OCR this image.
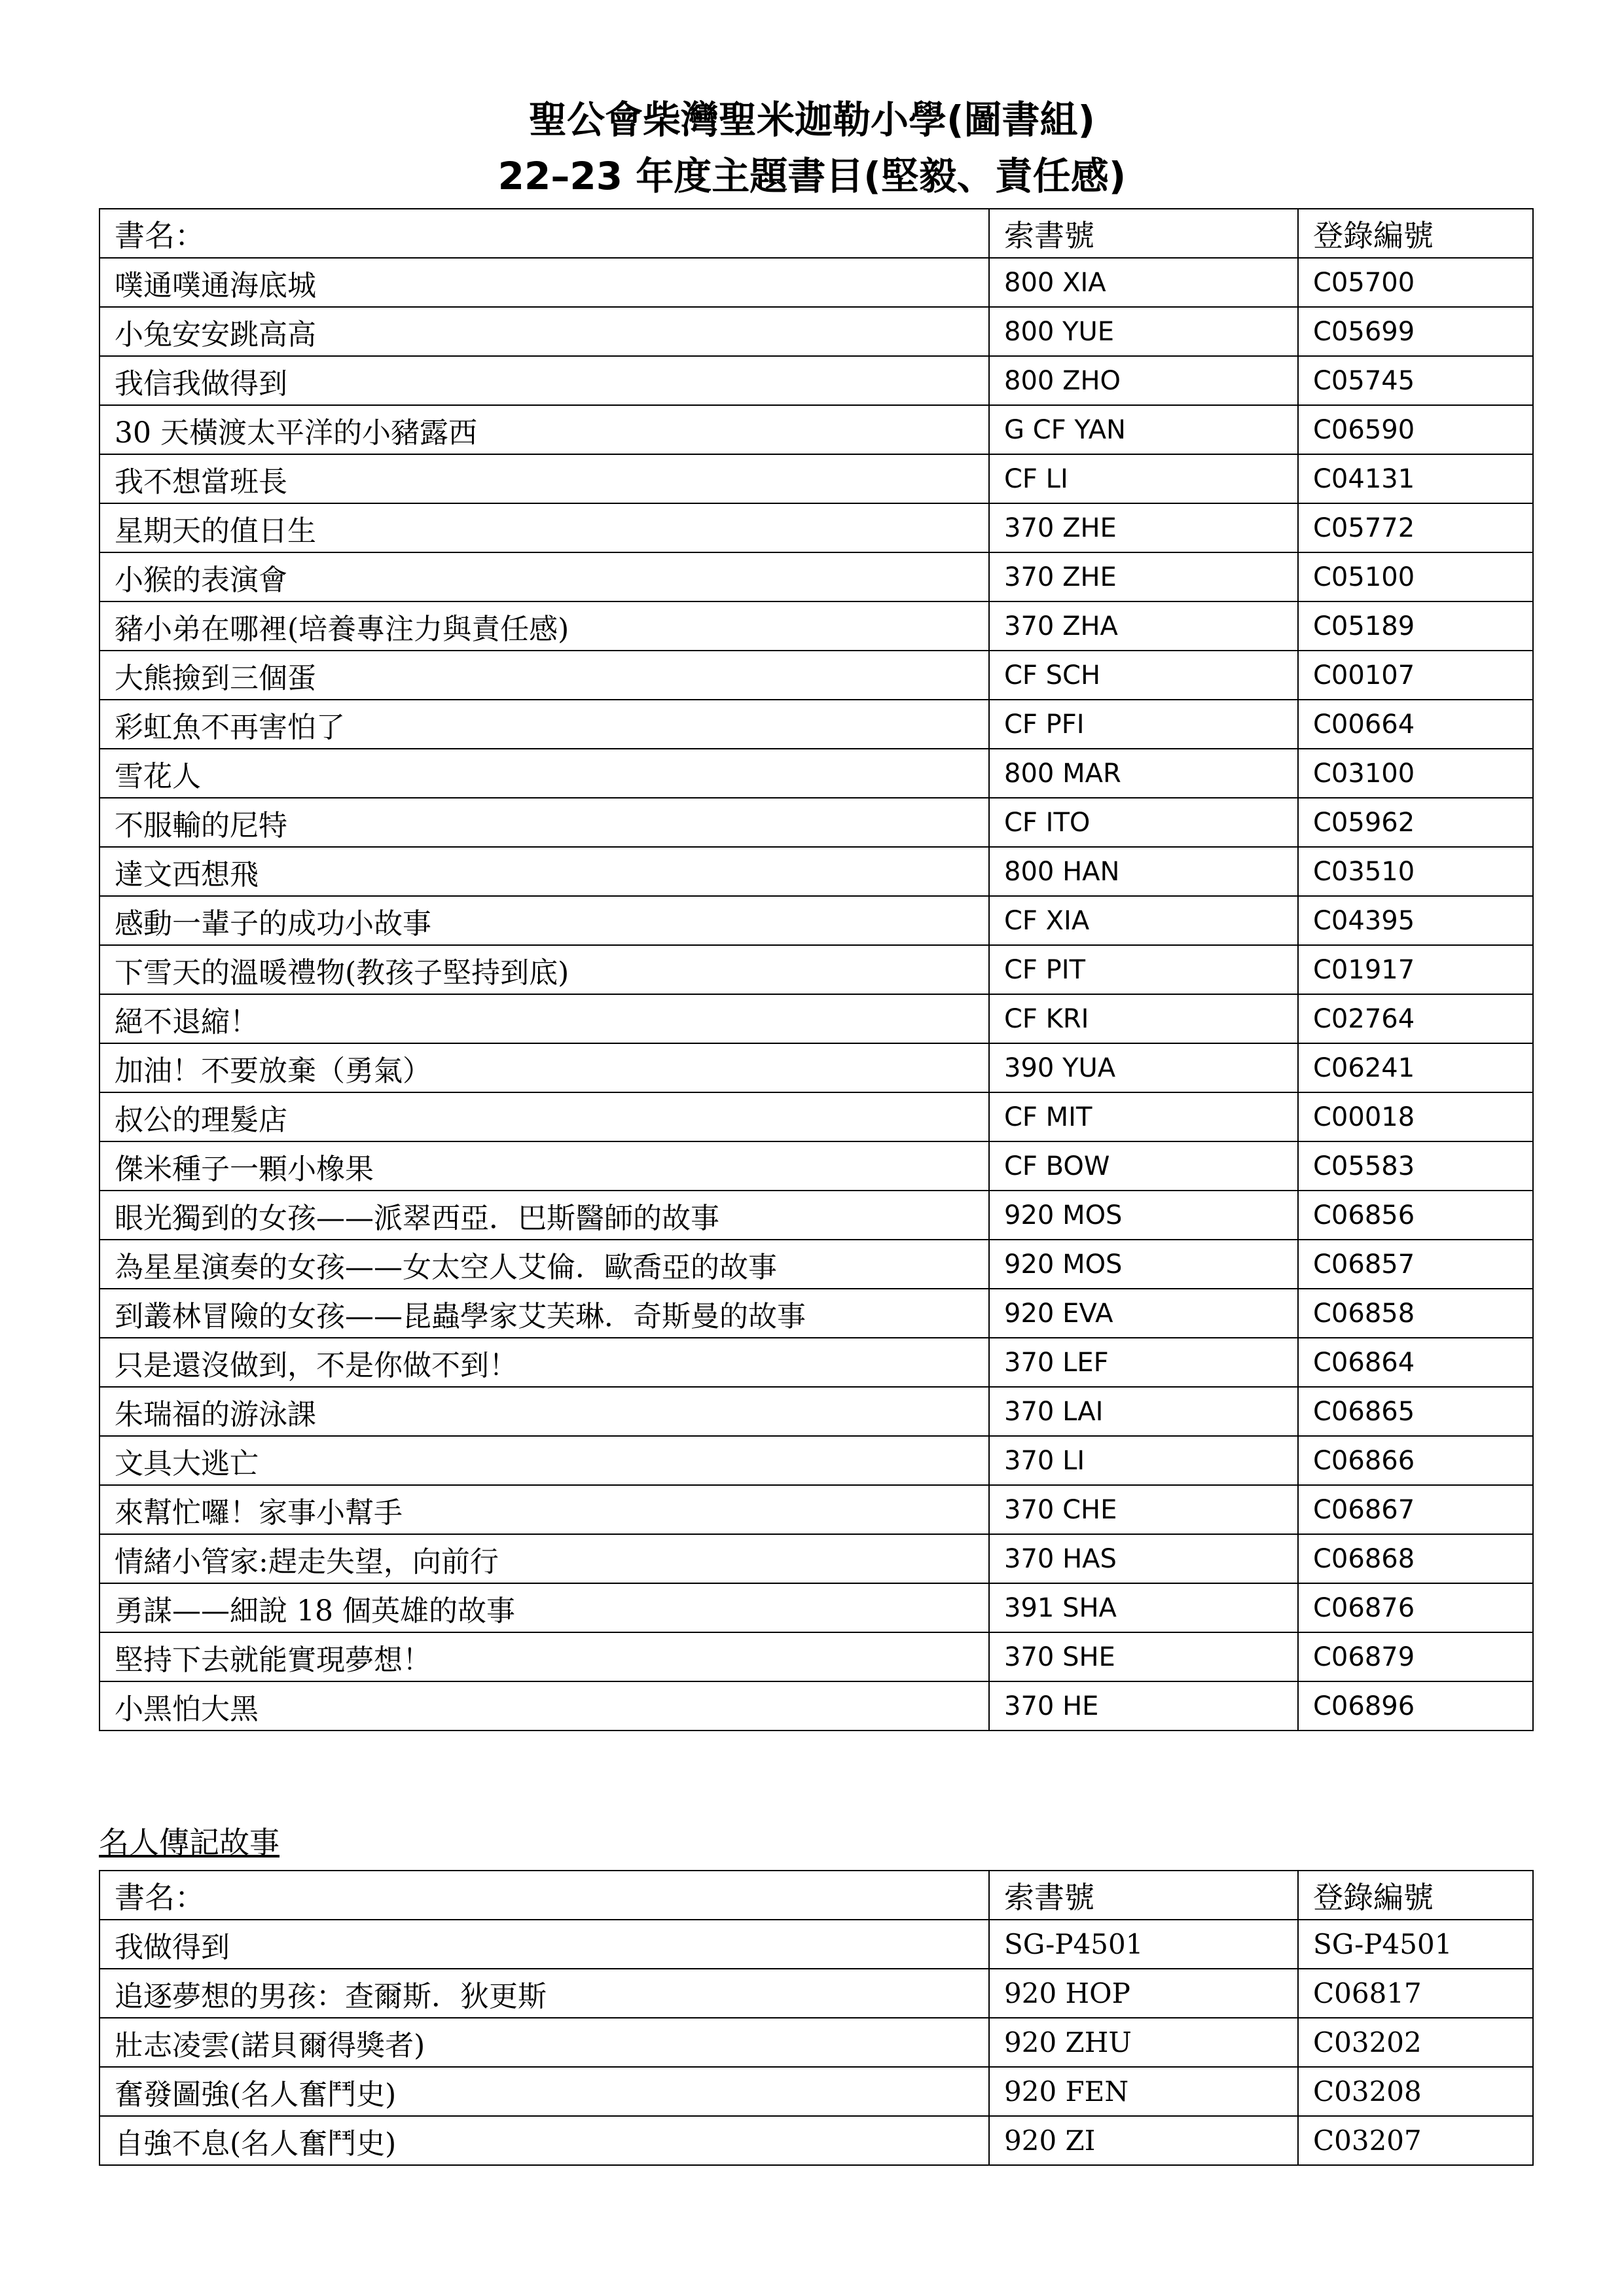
聖公會柴灣聖米迦勒小學(圖書組)
22–23 年度主題書目(堅毅、責任感)
書名：	索書號	登錄編號
噗通噗通海底城	800 XIA	C05700
小兔安安跳高高	800 YUE	C05699
我信我做得到	800 ZHO	C05745
30 天橫渡太平洋的小豬露西	G CF YAN	C06590
我不想當班長	CF LI	C04131
星期天的值日生	370 ZHE	C05772
小猴的表演會	370 ZHE	C05100
豬小弟在哪裡(培養專注力與責任感)	370 ZHA	C05189
大熊撿到三個蛋	CF SCH	C00107
彩虹魚不再害怕了	CF PFI	C00664
雪花人	800 MAR	C03100
不服輸的尼特	CF ITO	C05962
達文西想飛	800 HAN	C03510
感動一輩子的成功小故事	CF XIA	C04395
下雪天的溫暖禮物(教孩子堅持到底)	CF PIT	C01917
絕不退縮！	CF KRI	C02764
加油！不要放棄（勇氣）	390 YUA	C06241
叔公的理髮店	CF MIT	C00018
傑米種子一顆小橡果	CF BOW	C05583
眼光獨到的女孩——派翠西亞．巴斯醫師的故事	920 MOS	C06856
為星星演奏的女孩——女太空人艾倫．歐喬亞的故事	920 MOS	C06857
到叢林冒險的女孩——昆蟲學家艾芙琳．奇斯曼的故事	920 EVA	C06858
只是還沒做到，不是你做不到！	370 LEF	C06864
朱瑞福的游泳課	370 LAI	C06865
文具大逃亡	370 LI	C06866
來幫忙囉！家事小幫手	370 CHE	C06867
情緒小管家:趕走失望，向前行	370 HAS	C06868
勇謀——細說 18 個英雄的故事	391 SHA	C06876
堅持下去就能實現夢想！	370 SHE	C06879
小黑怕大黑	370 HE	C06896
名人傳記故事
書名：	索書號	登錄編號
我做得到	SG-P4501	SG-P4501
追逐夢想的男孩：查爾斯．狄更斯	920 HOP	C06817
壯志凌雲(諾貝爾得獎者)	920 ZHU	C03202
奮發圖強(名人奮鬥史)	920 FEN	C03208
自強不息(名人奮鬥史)	920 ZI	C03207
